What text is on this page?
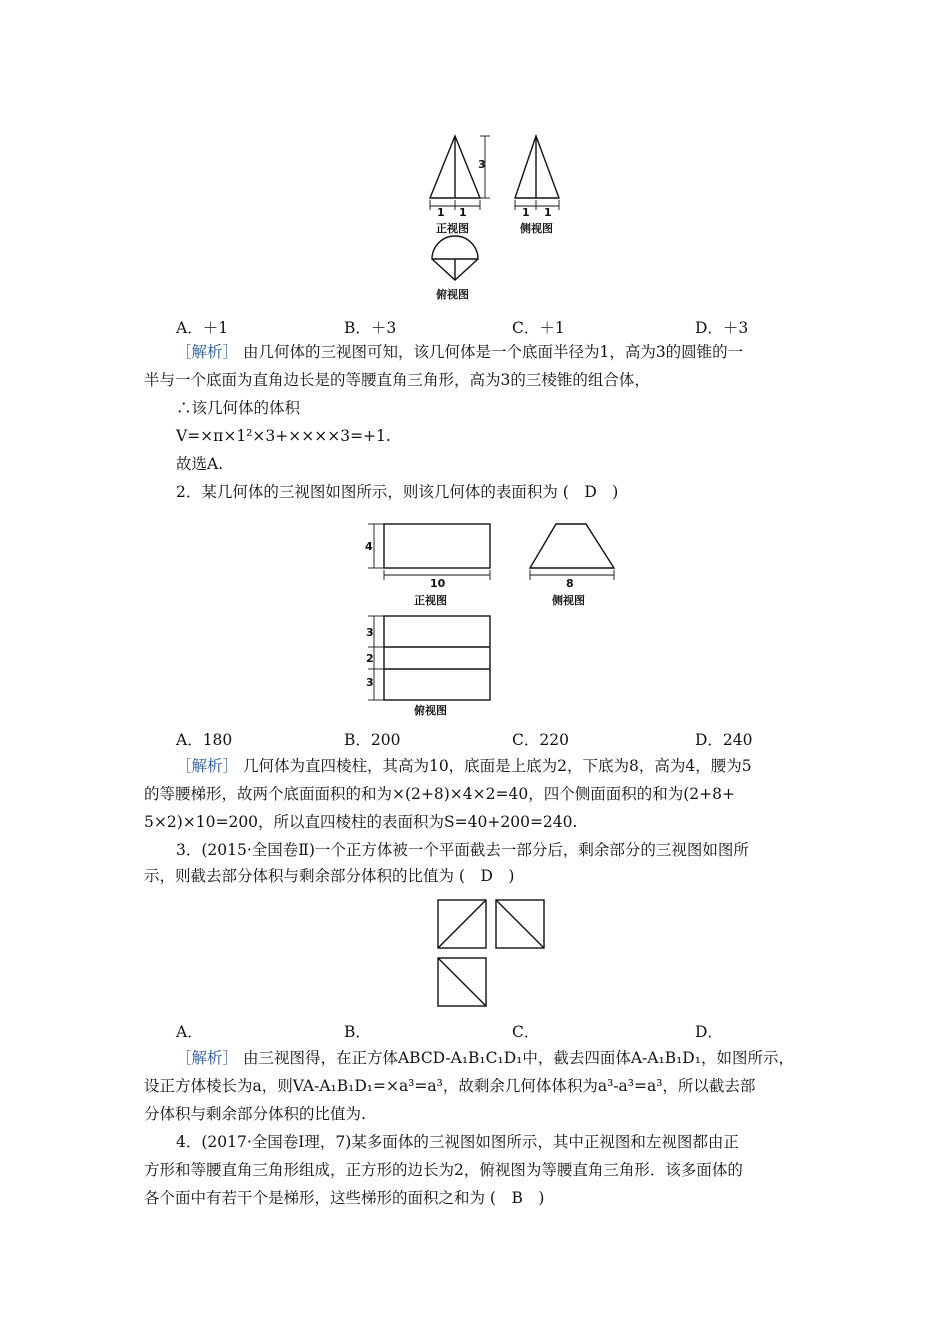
3
1 1
正视图
1 1
侧视图
俯视图
A．＋1	B．＋3	C．＋1	D．＋3
［解析］ 由几何体的三视图可知，该几何体是一个底面半径为1，高为3的圆锥的一
半与一个底面为直角边长是的等腰直角三角形，高为3的三棱锥的组合体，
∴该几何体的体积
V=×π×1²×3+××××3=+1.
故选A.
2．某几何体的三视图如图所示，则该几何体的表面积为 (　D　)
4
10
正视图
8
侧视图
3
2
3
俯视图
A．180	B．200	C．220	D．240
［解析］ 几何体为直四棱柱，其高为10，底面是上底为2，下底为8，高为4，腰为5
的等腰梯形，故两个底面面积的和为×(2+8)×4×2=40，四个侧面面积的和为(2+8+
5×2)×10=200，所以直四棱柱的表面积为S=40+200=240.
3．(2015·全国卷Ⅱ)一个正方体被一个平面截去一部分后，剩余部分的三视图如图所
示，则截去部分体积与剩余部分体积的比值为 (　D　)
A．	B．	C．	D．
［解析］ 由三视图得，在正方体ABCD-A₁B₁C₁D₁中，截去四面体A-A₁B₁D₁，如图所示，
设正方体棱长为a，则VA-A₁B₁D₁=×a³=a³，故剩余几何体体积为a³-a³=a³，所以截去部
分体积与剩余部分体积的比值为.
4．(2017·全国卷Ⅰ理，7)某多面体的三视图如图所示，其中正视图和左视图都由正
方形和等腰直角三角形组成，正方形的边长为2，俯视图为等腰直角三角形．该多面体的
各个面中有若干个是梯形，这些梯形的面积之和为 (　B　)
